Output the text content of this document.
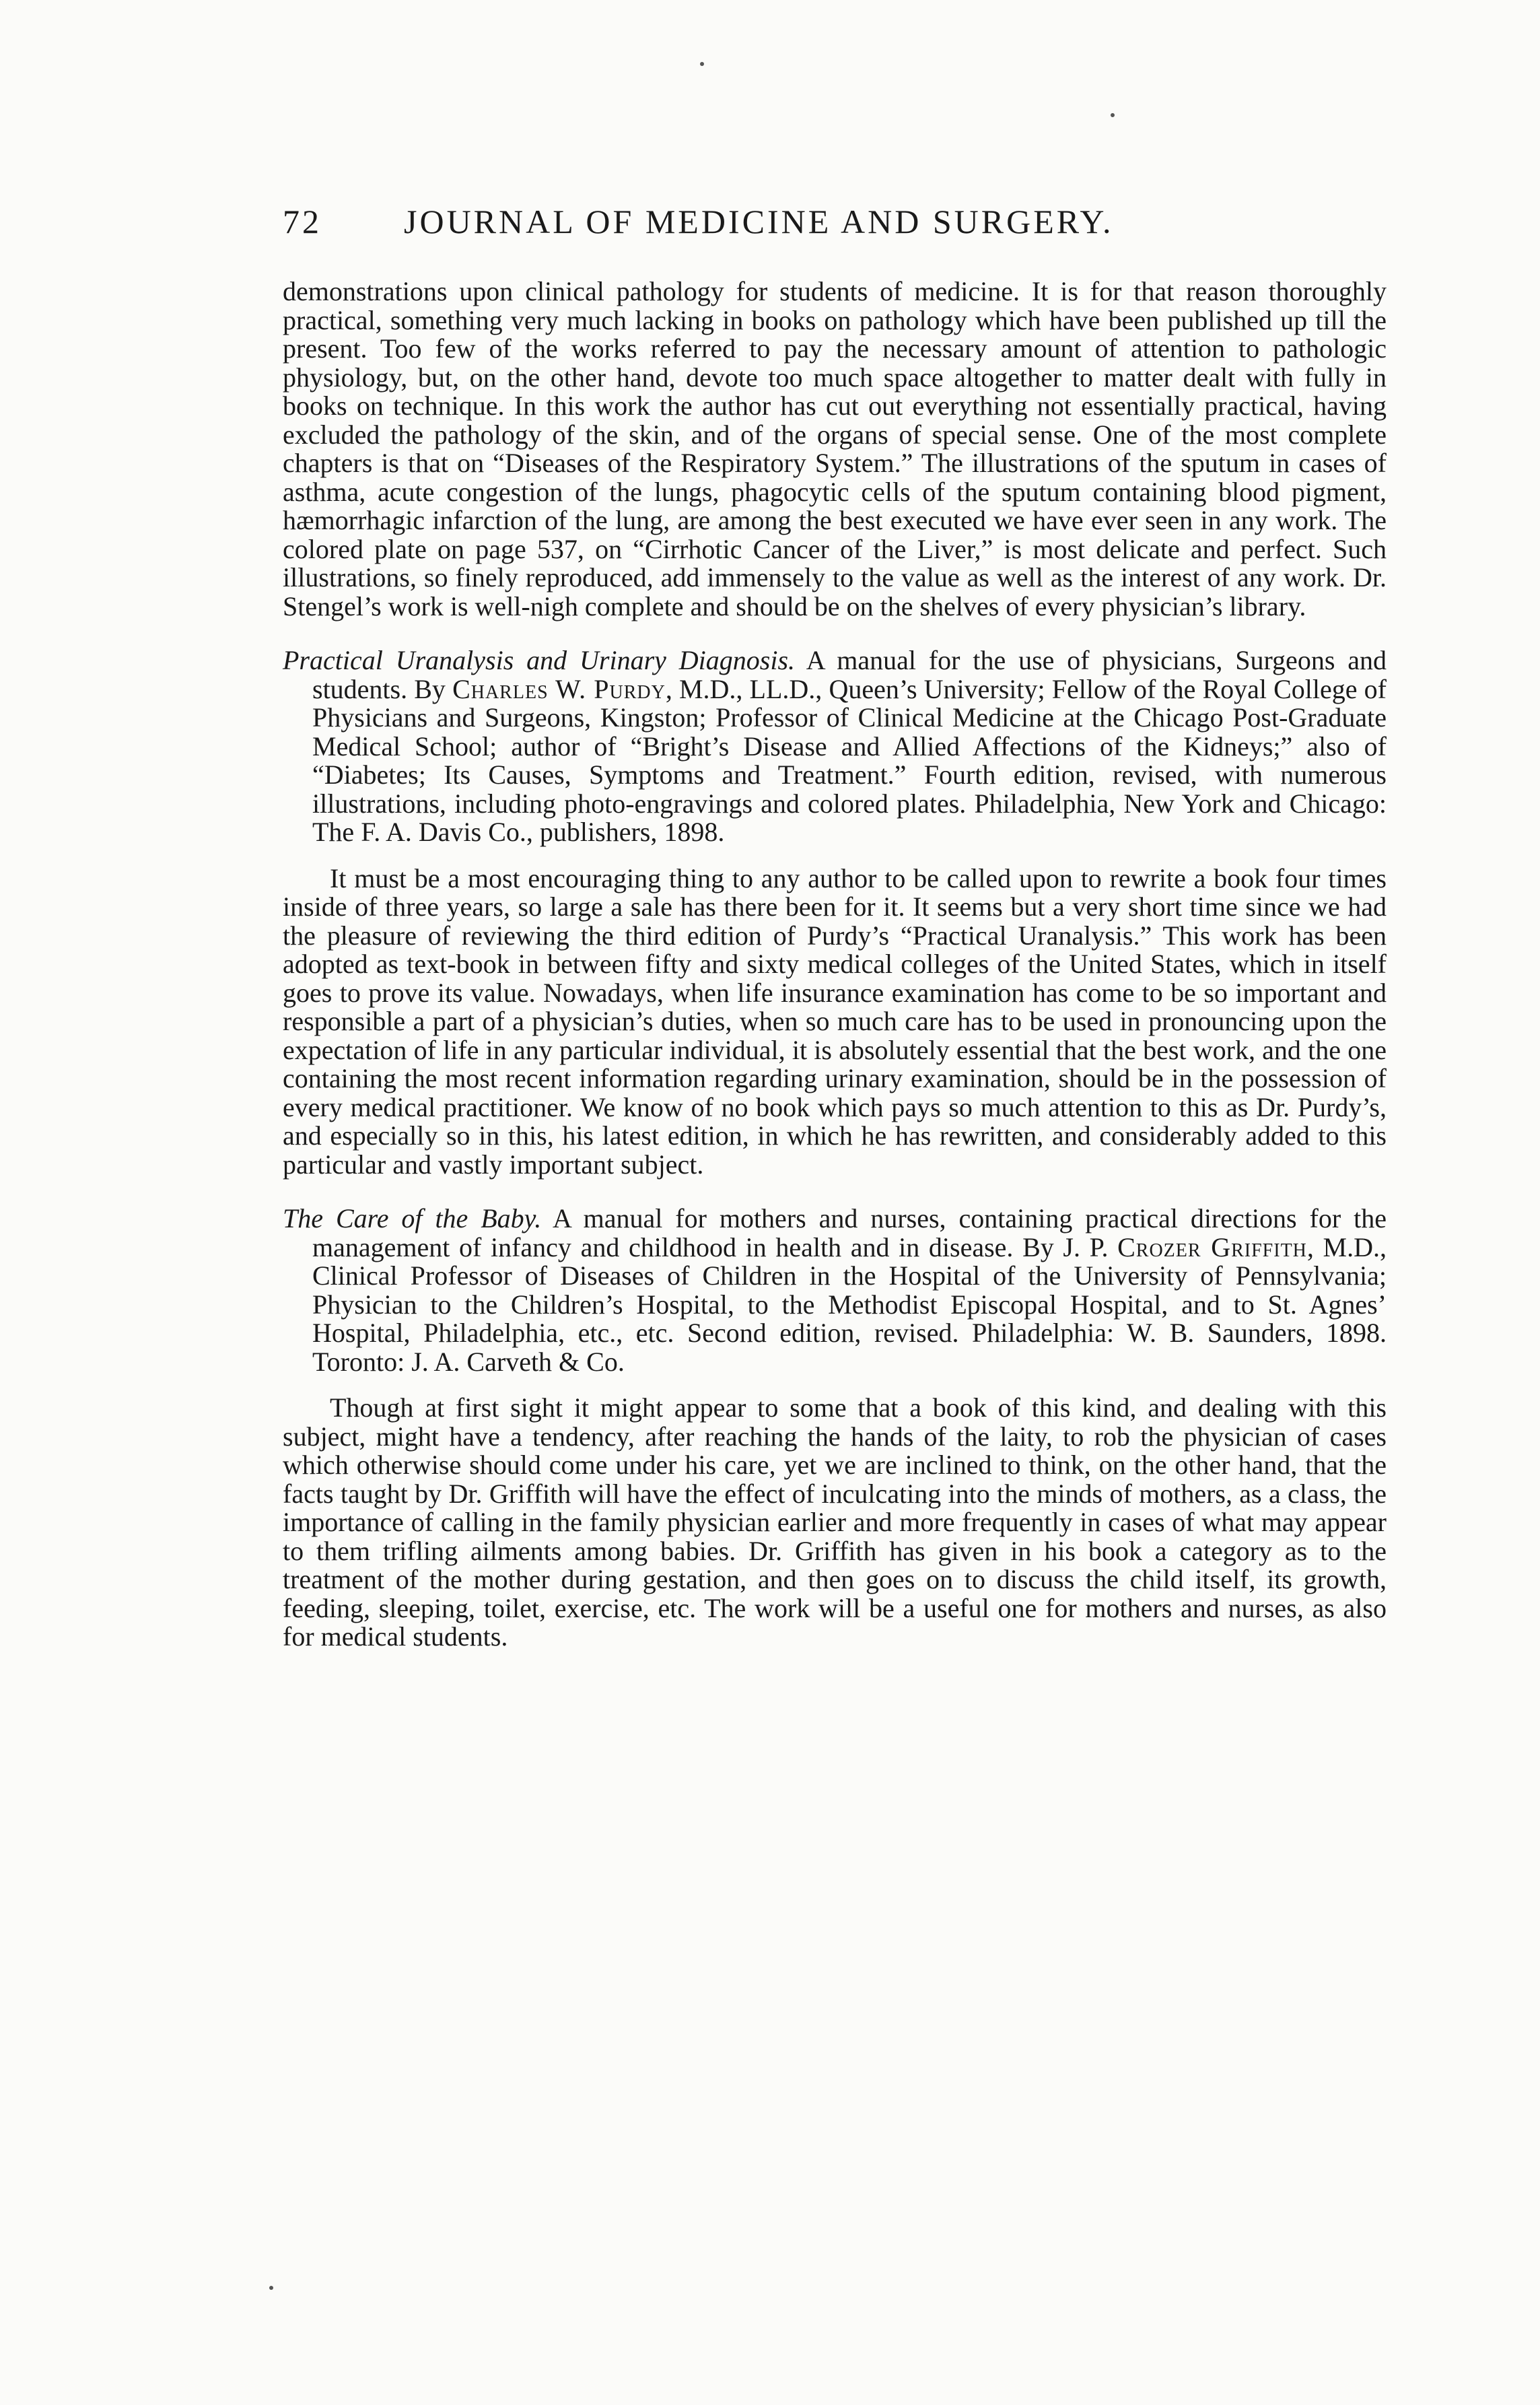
72	JOURNAL OF MEDICINE AND SURGERY.

demonstrations upon clinical pathology for students of medicine. It is for that reason thoroughly practical, something very much lacking in books on pathology which have been published up till the present. Too few of the works referred to pay the necessary amount of attention to pathologic physiology, but, on the other hand, devote too much space altogether to matter dealt with fully in books on technique. In this work the author has cut out everything not essentially practical, having excluded the pathology of the skin, and of the organs of special sense. One of the most complete chapters is that on “Diseases of the Respiratory System.” The illustrations of the sputum in cases of asthma, acute congestion of the lungs, phagocytic cells of the sputum containing blood pigment, hæmorrhagic infarction of the lung, are among the best executed we have ever seen in any work. The colored plate on page 537, on “Cirrhotic Cancer of the Liver,” is most delicate and perfect. Such illustrations, so finely reproduced, add immensely to the value as well as the interest of any work. Dr. Stengel’s work is well-nigh complete and should be on the shelves of every physician’s library.

Practical Uranalysis and Urinary Diagnosis. A manual for the use of physicians, Surgeons and students. By Charles W. Purdy, M.D., LL.D., Queen’s University; Fellow of the Royal College of Physicians and Surgeons, Kingston; Professor of Clinical Medicine at the Chicago Post-Graduate Medical School; author of “Bright’s Disease and Allied Affections of the Kidneys;” also of “Diabetes; Its Causes, Symptoms and Treatment.” Fourth edition, revised, with numerous illustrations, including photo-engravings and colored plates. Philadelphia, New York and Chicago: The F. A. Davis Co., publishers, 1898.

It must be a most encouraging thing to any author to be called upon to rewrite a book four times inside of three years, so large a sale has there been for it. It seems but a very short time since we had the pleasure of reviewing the third edition of Purdy’s “Practical Uranalysis.” This work has been adopted as text-book in between fifty and sixty medical colleges of the United States, which in itself goes to prove its value. Nowadays, when life insurance examination has come to be so important and responsible a part of a physician’s duties, when so much care has to be used in pronouncing upon the expectation of life in any particular individual, it is absolutely essential that the best work, and the one containing the most recent information regarding urinary examination, should be in the possession of every medical practitioner. We know of no book which pays so much attention to this as Dr. Purdy’s, and especially so in this, his latest edition, in which he has rewritten, and considerably added to this particular and vastly important subject.

The Care of the Baby. A manual for mothers and nurses, containing practical directions for the management of infancy and childhood in health and in disease. By J. P. Crozer Griffith, M.D., Clinical Professor of Diseases of Children in the Hospital of the University of Pennsylvania; Physician to the Children’s Hospital, to the Methodist Episcopal Hospital, and to St. Agnes’ Hospital, Philadelphia, etc., etc. Second edition, revised. Philadelphia: W. B. Saunders, 1898. Toronto: J. A. Carveth & Co.

Though at first sight it might appear to some that a book of this kind, and dealing with this subject, might have a tendency, after reaching the hands of the laity, to rob the physician of cases which otherwise should come under his care, yet we are inclined to think, on the other hand, that the facts taught by Dr. Griffith will have the effect of inculcating into the minds of mothers, as a class, the importance of calling in the family physician earlier and more frequently in cases of what may appear to them trifling ailments among babies. Dr. Griffith has given in his book a category as to the treatment of the mother during gestation, and then goes on to discuss the child itself, its growth, feeding, sleeping, toilet, exercise, etc. The work will be a useful one for mothers and nurses, as also for medical students.
